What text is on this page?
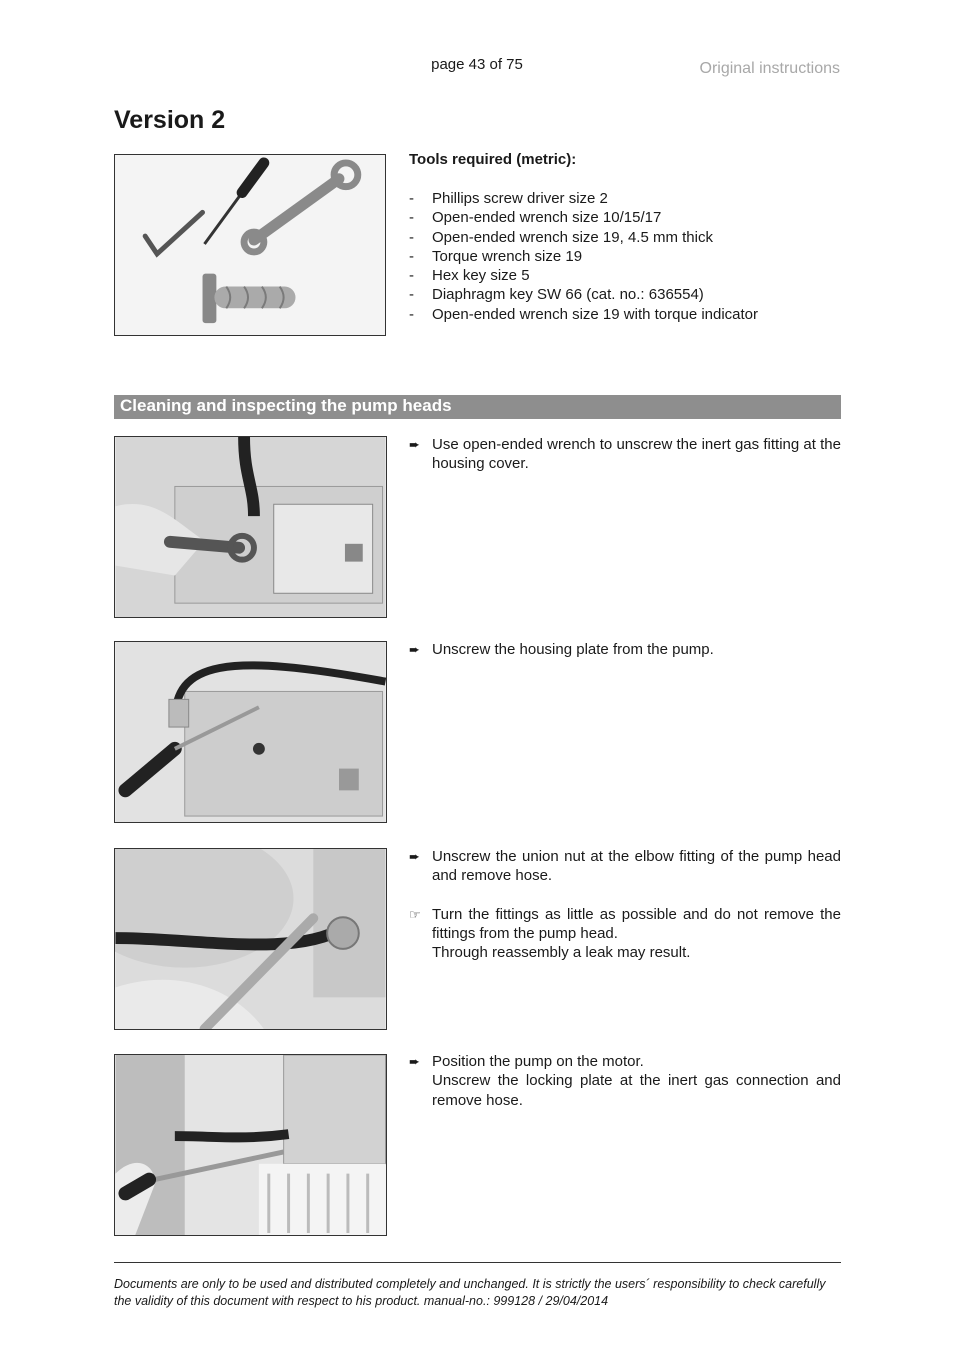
page 43 of 75	Original instructions
Version 2
Tools required (metric):
- Phillips screw driver size 2
- Open-ended wrench size 10/15/17
- Open-ended wrench size 19, 4.5 mm thick
- Torque wrench size 19
- Hex key size 5
- Diaphragm key SW 66 (cat. no.: 636554)
- Open-ended wrench size 19 with torque indicator
Cleaning and inspecting the pump heads

➨ Use open-ended wrench to unscrew the inert gas fitting at the housing cover.

➨ Unscrew the housing plate from the pump.

➨ Unscrew the union nut at the elbow fitting of the pump head and remove hose.

☞ Turn the fittings as little as possible and do not remove the fittings from the pump head.
Through reassembly a leak may result.

➨ Position the pump on the motor.
Unscrew the locking plate at the inert gas connection and remove hose.

Documents are only to be used and distributed completely and unchanged. It is strictly the users´ responsibility to check carefully the validity of this document with respect to his product. manual-no.: 999128 / 29/04/2014
